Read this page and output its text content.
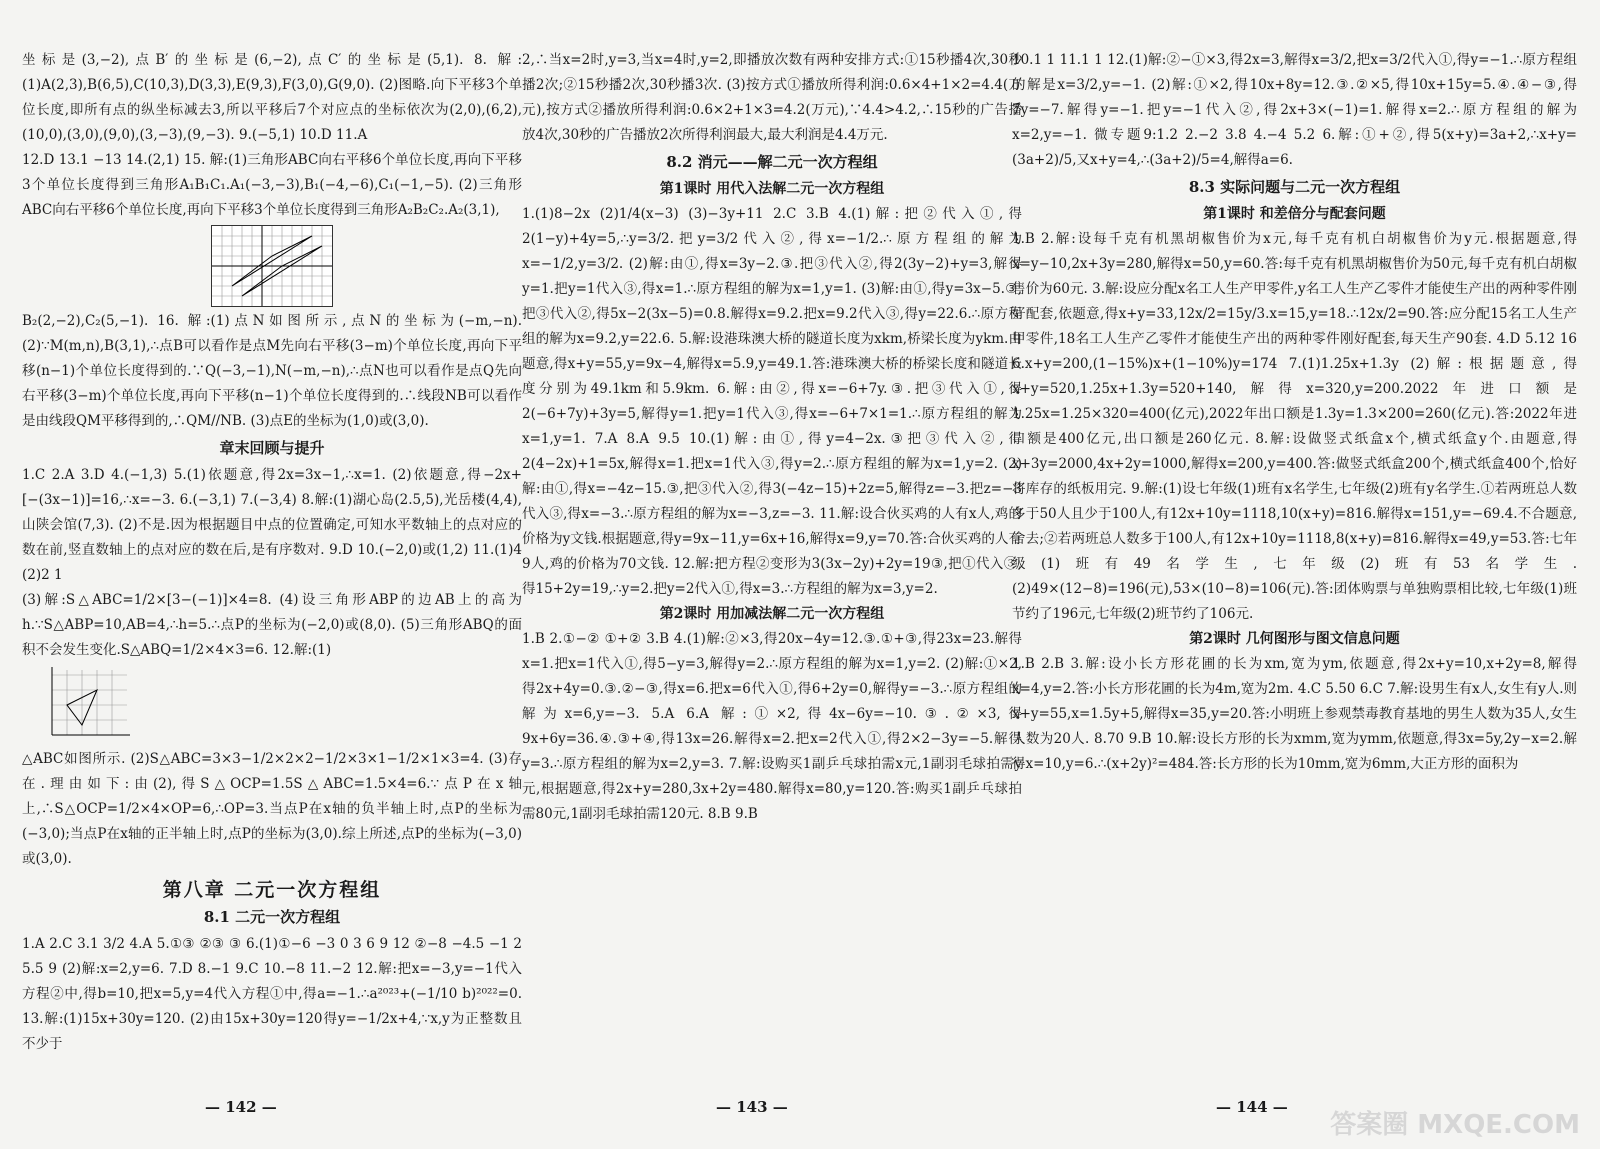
坐标是(3,−2),点B′的坐标是(6,−2),点C′的坐标是(5,1). 8. 解:(1)A(2,3),B(6,5),C(10,3),D(3,3),E(9,3),F(3,0),G(9,0). (2)图略.向下平移3个单位长度,即所有点的纵坐标减去3,所以平移后7个对应点的坐标依次为(2,0),(6,2),(10,0),(3,0),(9,0),(3,−3),(9,−3). 9.(−5,1) 10.D 11.A

12.D 13.1 −13 14.(2,1) 15. 解:(1)三角形ABC向右平移6个单位长度,再向下平移3个单位长度得到三角形A₁B₁C₁.A₁(−3,−3),B₁(−4,−6),C₁(−1,−5). (2)三角形ABC向右平移6个单位长度,再向下平移3个单位长度得到三角形A₂B₂C₂.A₂(3,1),

B₂(2,−2),C₂(5,−1). 16. 解:(1)点N如图所示,点N的坐标为(−m,−n). (2)∵M(m,n),B(3,1),∴点B可以看作是点M先向右平移(3−m)个单位长度,再向下平移(n−1)个单位长度得到的.∵Q(−3,−1),N(−m,−n),∴点N也可以看作是点Q先向右平移(3−m)个单位长度,再向下平移(n−1)个单位长度得到的.∴线段NB可以看作是由线段QM平移得到的,∴QM//NB. (3)点E的坐标为(1,0)或(3,0).

章末回顾与提升

1.C 2.A 3.D 4.(−1,3) 5.(1)依题意,得2x=3x−1,∴x=1. (2)依题意,得−2x+[−(3x−1)]=16,∴x=−3. 6.(−3,1) 7.(−3,4) 8.解:(1)湖心岛(2.5,5),光岳楼(4,4),山陕会馆(7,3). (2)不是.因为根据题目中点的位置确定,可知水平数轴上的点对应的数在前,竖直数轴上的点对应的数在后,是有序数对. 9.D 10.(−2,0)或(1,2) 11.(1)4 (2)2 1

(3)解:S△ABC=1/2×[3−(−1)]×4=8. (4)设三角形ABP的边AB上的高为h.∵S△ABP=10,AB=4,∴h=5.∴点P的坐标为(−2,0)或(8,0). (5)三角形ABQ的面积不会发生变化.S△ABQ=1/2×4×3=6. 12.解:(1)

△ABC如图所示. (2)S△ABC=3×3−1/2×2×2−1/2×3×1−1/2×1×3=4. (3)存在.理由如下:由(2),得S△OCP=1.5S△ABC=1.5×4=6.∵点P在x轴上,∴S△OCP=1/2×4×OP=6,∴OP=3.当点P在x轴的负半轴上时,点P的坐标为(−3,0);当点P在x轴的正半轴上时,点P的坐标为(3,0).综上所述,点P的坐标为(−3,0)或(3,0).

第八章 二元一次方程组
8.1 二元一次方程组

1.A 2.C 3.1 3/2 4.A 5.①③ ②③ ③ 6.(1)①−6 −3 0 3 6 9 12 ②−8 −4.5 −1 2 5.5 9 (2)解:x=2,y=6. 7.D 8.−1 9.C 10.−8 11.−2 12.解:把x=−3,y=−1代入方程②中,得b=10,把x=5,y=4代入方程①中,得a=−1.∴a²⁰²³+(−1/10 b)²⁰²²=0. 13.解:(1)15x+30y=120. (2)由15x+30y=120得y=−1/2x+4,∵x,y为正整数且不少于

2,∴当x=2时,y=3,当x=4时,y=2,即播放次数有两种安排方式:①15秒播4次,30秒播2次;②15秒播2次,30秒播3次. (3)按方式①播放所得利润:0.6×4+1×2=4.4(万元),按方式②播放所得利润:0.6×2+1×3=4.2(万元),∵4.4>4.2,∴15秒的广告播放4次,30秒的广告播放2次所得利润最大,最大利润是4.4万元.

8.2 消元——解二元一次方程组
第1课时 用代入法解二元一次方程组

1.(1)8−2x (2)1/4(x−3) (3)−3y+11 2.C 3.B 4.(1)解:把②代入①,得2(1−y)+4y=5,∴y=3/2.把y=3/2代入②,得x=−1/2.∴原方程组的解为x=−1/2,y=3/2. (2)解:由①,得x=3y−2.③.把③代入②,得2(3y−2)+y=3,解得y=1.把y=1代入③,得x=1.∴原方程组的解为x=1,y=1. (3)解:由①,得y=3x−5.③,把③代入②,得5x−2(3x−5)=0.8.解得x=9.2.把x=9.2代入③,得y=22.6.∴原方程组的解为x=9.2,y=22.6. 5.解:设港珠澳大桥的隧道长度为xkm,桥梁长度为ykm.由题意,得x+y=55,y=9x−4,解得x=5.9,y=49.1.答:港珠澳大桥的桥梁长度和隧道长度分别为49.1km和5.9km. 6.解:由②,得x=−6+7y.③.把③代入①,得2(−6+7y)+3y=5,解得y=1.把y=1代入③,得x=−6+7×1=1.∴原方程组的解为x=1,y=1. 7.A 8.A 9.5 10.(1)解:由①,得y=4−2x.③把③代入②,得2(4−2x)+1=5x,解得x=1.把x=1代入③,得y=2.∴原方程组的解为x=1,y=2. (2)解:由①,得x=−4z−15.③,把③代入②,得3(−4z−15)+2z=5,解得z=−3.把z=−3代入③,得x=−3.∴原方程组的解为x=−3,z=−3. 11.解:设合伙买鸡的人有x人,鸡的价格为y文钱.根据题意,得y=9x−11,y=6x+16,解得x=9,y=70.答:合伙买鸡的人有9人,鸡的价格为70文钱. 12.解:把方程②变形为3(3x−2y)+2y=19③,把①代入③,得15+2y=19,∴y=2.把y=2代入①,得x=3.∴方程组的解为x=3,y=2.

第2课时 用加减法解二元一次方程组

1.B 2.①−② ①+② 3.B 4.(1)解:②×3,得20x−4y=12.③.①+③,得23x=23.解得x=1.把x=1代入①,得5−y=3,解得y=2.∴原方程组的解为x=1,y=2. (2)解:①×2,得2x+4y=0.③.②−③,得x=6.把x=6代入①,得6+2y=0,解得y=−3.∴原方程组的解为x=6,y=−3. 5.A 6.A 解:①×2,得4x−6y=−10.③.②×3,得9x+6y=36.④.③+④,得13x=26.解得x=2.把x=2代入①,得2×2−3y=−5.解得y=3.∴原方程组的解为x=2,y=3. 7.解:设购买1副乒乓球拍需x元,1副羽毛球拍需y元,根据题意,得2x+y=280,3x+2y=480.解得x=80,y=120.答:购买1副乒乓球拍需80元,1副羽毛球拍需120元. 8.B 9.B

10.1 1 11.1 1 12.(1)解:②−①×3,得2x=3,解得x=3/2,把x=3/2代入①,得y=−1.∴原方程组的解是x=3/2,y=−1. (2)解:①×2,得10x+8y=12.③.②×5,得10x+15y=5.④.④−③,得7y=−7.解得y=−1.把y=−1代入②,得2x+3×(−1)=1.解得x=2.∴原方程组的解为x=2,y=−1. 微专题9:1.2 2.−2 3.8 4.−4 5.2 6.解:①+②,得5(x+y)=3a+2,∴x+y=(3a+2)/5,又x+y=4,∴(3a+2)/5=4,解得a=6.

8.3 实际问题与二元一次方程组
第1课时 和差倍分与配套问题

1.B 2.解:设每千克有机黑胡椒售价为x元,每千克有机白胡椒售价为y元.根据题意,得x=y−10,2x+3y=280,解得x=50,y=60.答:每千克有机黑胡椒售价为50元,每千克有机白胡椒售价为60元. 3.解:设应分配x名工人生产甲零件,y名工人生产乙零件才能使生产出的两种零件刚好配套,依题意,得x+y=33,12x/2=15y/3.x=15,y=18.∴12x/2=90.答:应分配15名工人生产甲零件,18名工人生产乙零件才能使生产出的两种零件刚好配套,每天生产90套. 4.D 5.12 16 6.x+y=200,(1−15%)x+(1−10%)y=174 7.(1)1.25x+1.3y (2)解:根据题意,得x+y=520,1.25x+1.3y=520+140,解得x=320,y=200.2022年进口额是1.25x=1.25×320=400(亿元),2022年出口额是1.3y=1.3×200=260(亿元).答:2022年进口额是400亿元,出口额是260亿元. 8.解:设做竖式纸盒x个,横式纸盒y个.由题意,得x+3y=2000,4x+2y=1000,解得x=200,y=400.答:做竖式纸盒200个,横式纸盒400个,恰好将库存的纸板用完. 9.解:(1)设七年级(1)班有x名学生,七年级(2)班有y名学生.①若两班总人数多于50人且少于100人,有12x+10y=1118,10(x+y)=816.解得x=151,y=−69.4.不合题意,舍去;②若两班总人数多于100人,有12x+10y=1118,8(x+y)=816.解得x=49,y=53.答:七年级(1)班有49名学生,七年级(2)班有53名学生. (2)49×(12−8)=196(元),53×(10−8)=106(元).答:团体购票与单独购票相比较,七年级(1)班节约了196元,七年级(2)班节约了106元.

第2课时 几何图形与图文信息问题

1.B 2.B 3.解:设小长方形花圃的长为xm,宽为ym,依题意,得2x+y=10,x+2y=8,解得x=4,y=2.答:小长方形花圃的长为4m,宽为2m. 4.C 5.50 6.C 7.解:设男生有x人,女生有y人.则x+y=55,x=1.5y+5,解得x=35,y=20.答:小明班上参观禁毒教育基地的男生人数为35人,女生人数为20人. 8.70 9.B 10.解:设长方形的长为xmm,宽为ymm,依题意,得3x=5y,2y−x=2.解得x=10,y=6.∴(x+2y)²=484.答:长方形的长为10mm,宽为6mm,大正方形的面积为

— 142 —	— 143 —	— 144 —
答案圈 MXQE.COM
